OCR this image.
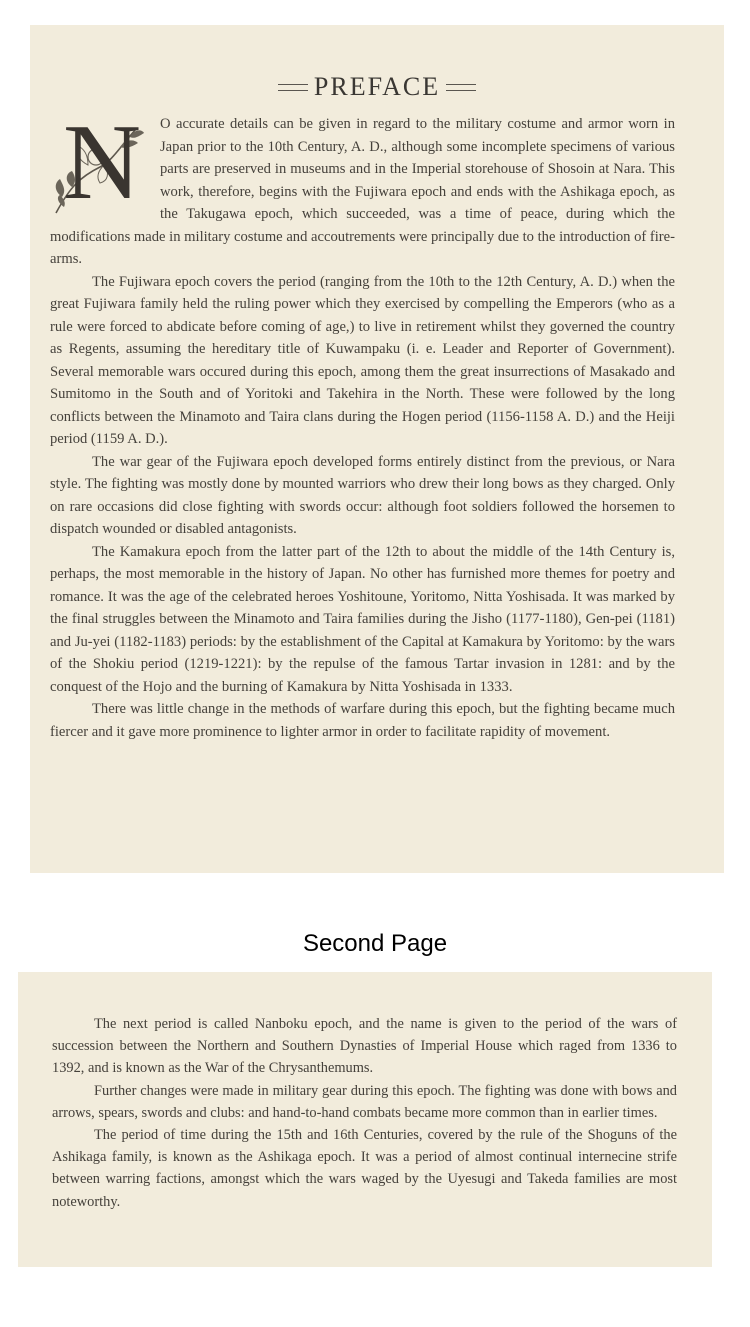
PREFACE

N	O accurate details can be given in regard to the military costume and armor worn in Japan prior to the 10th Century, A. D., although some incomplete specimens of various parts are preserved in museums and in the Imperial storehouse of Shosoin at Nara. This work, therefore, begins with the Fujiwara epoch and ends with the Ashikaga epoch, as the Takugawa epoch, which succeeded, was a time of peace, during which the modifications made in military costume and accoutrements were principally due to the introduction of fire-arms.

The Fujiwara epoch covers the period (ranging from the 10th to the 12th Century, A. D.) when the great Fujiwara family held the ruling power which they exercised by compelling the Emperors (who as a rule were forced to abdicate before coming of age,) to live in retirement whilst they governed the country as Regents, assuming the hereditary title of Kuwampaku (i. e. Leader and Reporter of Government). Several memorable wars occured during this epoch, among them the great insurrections of Masakado and Sumitomo in the South and of Yoritoki and Takehira in the North. These were followed by the long conflicts between the Minamoto and Taira clans during the Hogen period (1156-1158 A. D.) and the Heiji period (1159 A. D.).

The war gear of the Fujiwara epoch developed forms entirely distinct from the previous, or Nara style. The fighting was mostly done by mounted warriors who drew their long bows as they charged. Only on rare occasions did close fighting with swords occur: although foot soldiers followed the horsemen to dispatch wounded or disabled antagonists.

The Kamakura epoch from the latter part of the 12th to about the middle of the 14th Century is, perhaps, the most memorable in the history of Japan. No other has furnished more themes for poetry and romance. It was the age of the celebrated heroes Yoshitoune, Yoritomo, Nitta Yoshisada. It was marked by the final struggles between the Minamoto and Taira families during the Jisho (1177-1180), Gen-pei (1181) and Ju-yei (1182-1183) periods: by the establishment of the Capital at Kamakura by Yoritomo: by the wars of the Shokiu period (1219-1221): by the repulse of the famous Tartar invasion in 1281: and by the conquest of the Hojo and the burning of Kamakura by Nitta Yoshisada in 1333.

There was little change in the methods of warfare during this epoch, but the fighting became much fiercer and it gave more prominence to lighter armor in order to facilitate rapidity of movement.

Second Page

The next period is called Nanboku epoch, and the name is given to the period of the wars of succession between the Northern and Southern Dynasties of Imperial House which raged from 1336 to 1392, and is known as the War of the Chrysanthemums.

Further changes were made in military gear during this epoch. The fighting was done with bows and arrows, spears, swords and clubs: and hand-to-hand combats became more common than in earlier times.

The period of time during the 15th and 16th Centuries, covered by the rule of the Shoguns of the Ashikaga family, is known as the Ashikaga epoch. It was a period of almost continual internecine strife between warring factions, amongst which the wars waged by the Uyesugi and Takeda families are most noteworthy.
